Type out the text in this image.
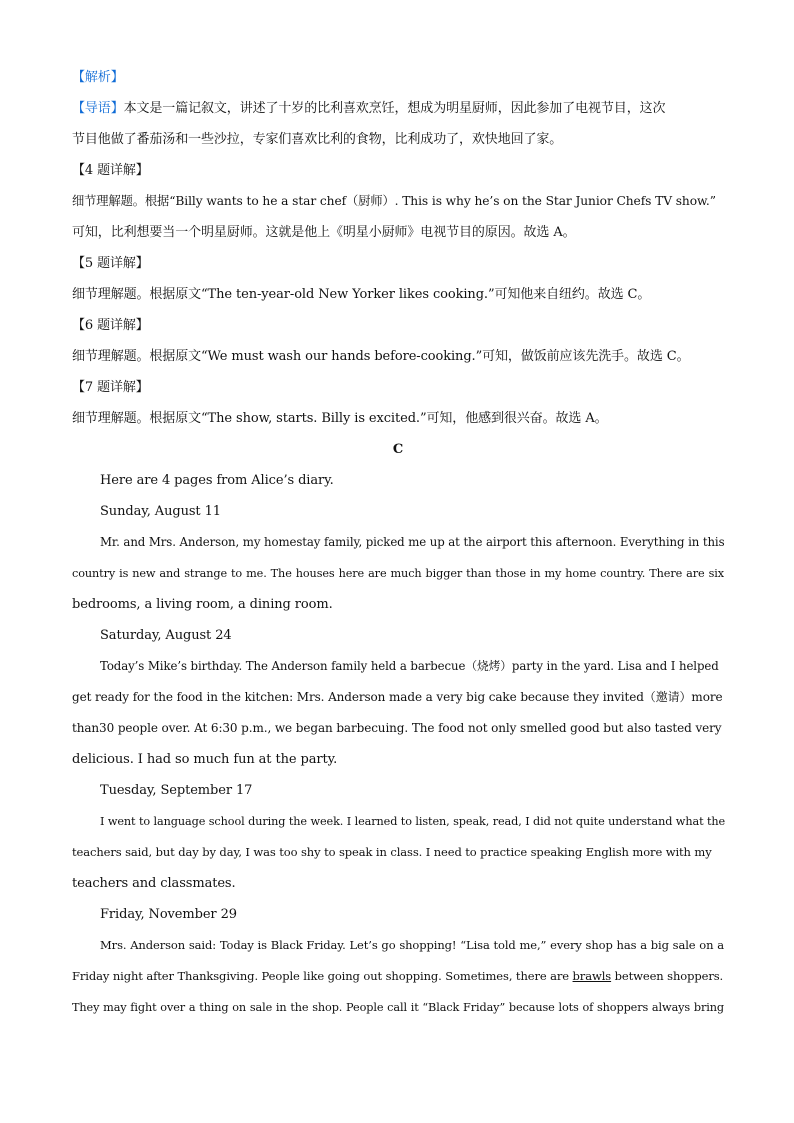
【解析】
【导语】本文是一篇记叙文，讲述了十岁的比利喜欢烹饪，想成为明星厨师，因此参加了电视节目，这次
节目他做了番茄汤和一些沙拉，专家们喜欢比利的食物，比利成功了，欢快地回了家。
【4 题详解】
细节理解题。根据“Billy wants to he a star chef（厨师）. This is why he’s on the Star Junior Chefs TV show.”
可知，比利想要当一个明星厨师。这就是他上《明星小厨师》电视节目的原因。故选 A。
【5 题详解】
细节理解题。根据原文“The ten-year-old New Yorker likes cooking.”可知他来自纽约。故选 C。
【6 题详解】
细节理解题。根据原文“We must wash our hands before-cooking.”可知，做饭前应该先洗手。故选 C。
【7 题详解】
细节理解题。根据原文“The show, starts. Billy is excited.”可知，他感到很兴奋。故选 A。
C
Here are 4 pages from Alice’s diary.
Sunday, August 11
Mr. and Mrs. Anderson, my homestay family, picked me up at the airport this afternoon. Everything in this
country is new and strange to me. The houses here are much bigger than those in my home country. There are six
bedrooms, a living room, a dining room.
Saturday, August 24
Today’s Mike’s birthday. The Anderson family held a barbecue（烧烤）party in the yard. Lisa and I helped
get ready for the food in the kitchen: Mrs. Anderson made a very big cake because they invited（邀请）more
than30 people over. At 6:30 p.m., we began barbecuing. The food not only smelled good but also tasted very
delicious. I had so much fun at the party.
Tuesday, September 17
I went to language school during the week. I learned to listen, speak, read, I did not quite understand what the
teachers said, but day by day, I was too shy to speak in class. I need to practice speaking English more with my
teachers and classmates.
Friday, November 29
Mrs. Anderson said: Today is Black Friday. Let’s go shopping! “Lisa told me,” every shop has a big sale on a
Friday night after Thanksgiving. People like going out shopping. Sometimes, there are brawls between shoppers.
They may fight over a thing on sale in the shop. People call it “Black Friday” because lots of shoppers always bring
